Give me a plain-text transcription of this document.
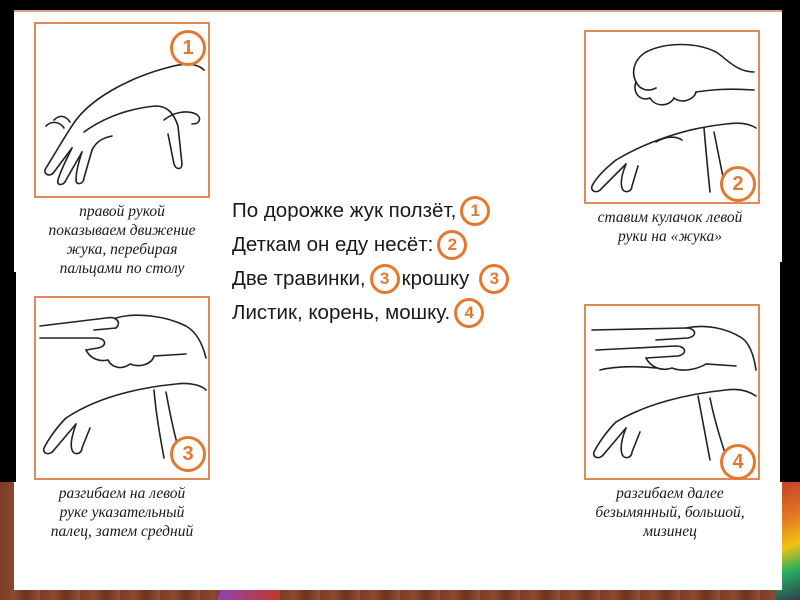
1
правой рукой
показываем движение
жука, перебирая
пальцами по столу
2
ставим кулачок левой
руки на «жука»
3
разгибаем на левой
руке указательный
палец, затем средний
4
разгибаем далее
безымянный, большой,
мизинец
По дорожке жук ползёт, 1
Деткам он еду несёт: 2
Две травинки, 3 крошку	3
Листик, корень, мошку. 4
